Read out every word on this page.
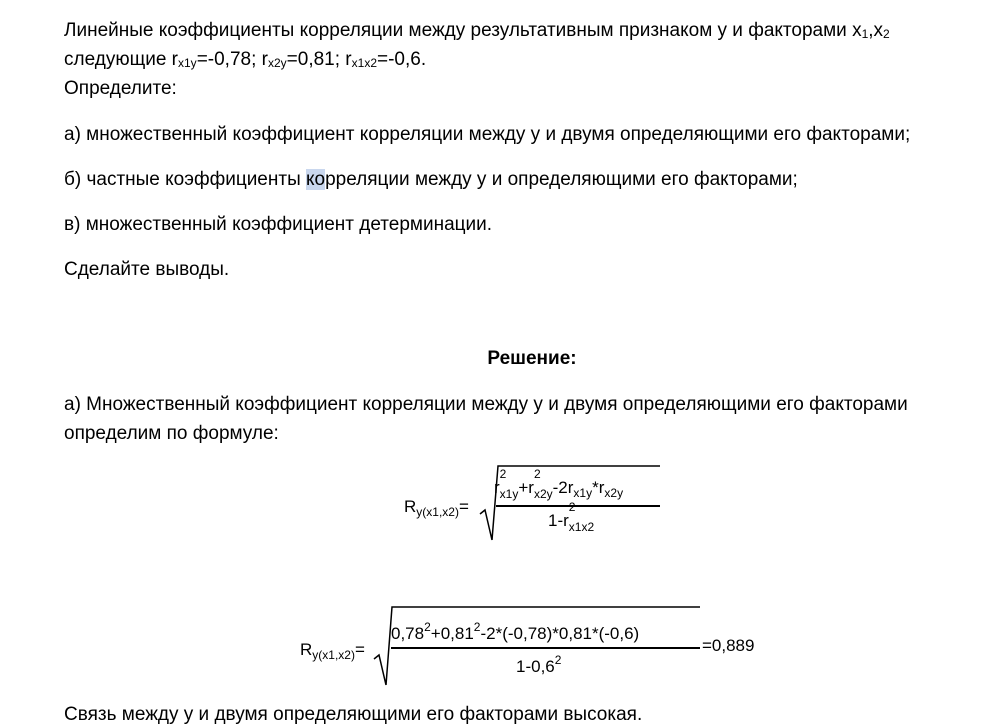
Линейные коэффициенты корреляции между результативным признаком y и факторами $x_1,x_2$
следующие $r_{x1y}=-0,78$; $r_{x2y}=0,81$; $r_{x1x2}=-0,6$.
Определите:
а) множественный коэффициент корреляции между y и двумя определяющими его факторами;
б) частные коэффициенты корреляции между y и определяющими его факторами;
в) множественный коэффициент детерминации.
Сделайте выводы.
Решение:
а) Множественный коэффициент корреляции между y и двумя определяющими его факторами
определим по формуле:
$R_{y(x1,x2)}=$
r
2
$_{x1y}$+r
2
$_{x2y}-2r_{x1y}*r_{x2y}$
1-r
2
$_{x1x2}$
$R_{y(x1,x2)}=$
$0,78^2+0,81^2-2*(-0,78)*0,81*(-0,6)$
$1-0,6^2$
=0,889
Связь между y и двумя определяющими его факторами высокая.
